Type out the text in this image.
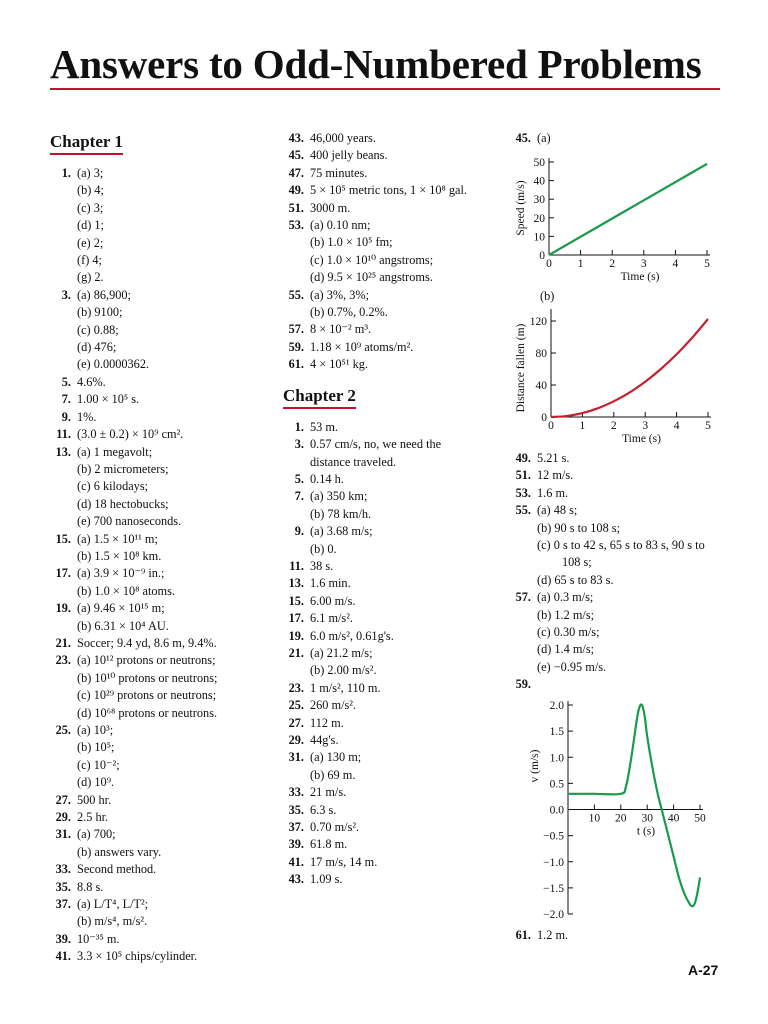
Answers to Odd-Numbered Problems
Chapter 1
1. (a) 3;
(b) 4;
(c) 3;
(d) 1;
(e) 2;
(f) 4;
(g) 2.
3. (a) 86,900;
(b) 9100;
(c) 0.88;
(d) 476;
(e) 0.0000362.
5. 4.6%.
7. 1.00 × 10⁵ s.
9. 1%.
11. (3.0 ± 0.2) × 10⁹ cm².
13. (a) 1 megavolt;
(b) 2 micrometers;
(c) 6 kilodays;
(d) 18 hectobucks;
(e) 700 nanoseconds.
15. (a) 1.5 × 10¹¹ m;
(b) 1.5 × 10⁸ km.
17. (a) 3.9 × 10⁻⁹ in.;
(b) 1.0 × 10⁸ atoms.
19. (a) 9.46 × 10¹⁵ m;
(b) 6.31 × 10⁴ AU.
21. Soccer; 9.4 yd, 8.6 m, 9.4%.
23. (a) 10¹² protons or neutrons;
(b) 10¹⁰ protons or neutrons;
(c) 10²⁹ protons or neutrons;
(d) 10⁶⁸ protons or neutrons.
25. (a) 10³;
(b) 10⁵;
(c) 10⁻²;
(d) 10⁹.
27. 500 hr.
29. 2.5 hr.
31. (a) 700;
(b) answers vary.
33. Second method.
35. 8.8 s.
37. (a) L/T⁴, L/T²;
(b) m/s⁴, m/s².
39. 10⁻³⁵ m.
41. 3.3 × 10⁵ chips/cylinder.
43. 46,000 years.
45. 400 jelly beans.
47. 75 minutes.
49. 5 × 10⁵ metric tons, 1 × 10⁸ gal.
51. 3000 m.
53. (a) 0.10 nm;
(b) 1.0 × 10⁵ fm;
(c) 1.0 × 10¹⁰ angstroms;
(d) 9.5 × 10²⁵ angstroms.
55. (a) 3%, 3%;
(b) 0.7%, 0.2%.
57. 8 × 10⁻² m³.
59. 1.18 × 10⁹ atoms/m².
61. 4 × 10⁵¹ kg.
Chapter 2
1. 53 m.
3. 0.57 cm/s, no, we need the
distance traveled.
5. 0.14 h.
7. (a) 350 km;
(b) 78 km/h.
9. (a) 3.68 m/s;
(b) 0.
11. 38 s.
13. 1.6 min.
15. 6.00 m/s.
17. 6.1 m/s².
19. 6.0 m/s², 0.61g's.
21. (a) 21.2 m/s;
(b) 2.00 m/s².
23. 1 m/s², 110 m.
25. 260 m/s².
27. 112 m.
29. 44g's.
31. (a) 130 m;
(b) 69 m.
33. 21 m/s.
35. 6.3 s.
37. 0.70 m/s².
39. 61.8 m.
41. 17 m/s, 14 m.
43. 1.09 s.
45. (a)
49. 5.21 s.
51. 12 m/s.
53. 1.6 m.
55. (a) 48 s;
(b) 90 s to 108 s;
(c) 0 s to 42 s, 65 s to 83 s, 90 s to
108 s;
(d) 65 s to 83 s.
57. (a) 0.3 m/s;
(b) 1.2 m/s;
(c) 0.30 m/s;
(d) 1.4 m/s;
(e) −0.95 m/s.
59.
61. 1.2 m.
0
10
20
30
40
50
0 1 2 3 4 5
Time (s)
Speed (m/s)
0
40
80
120
0 1 2 3 4 5
Time (s)
Distance fallen (m)
(b)
−2.0
−1.5
−1.0
−0.5
0.0
0.5
1.0
1.5
2.0
10 20 30 40 50
t (s)
v (m/s)
A-27
